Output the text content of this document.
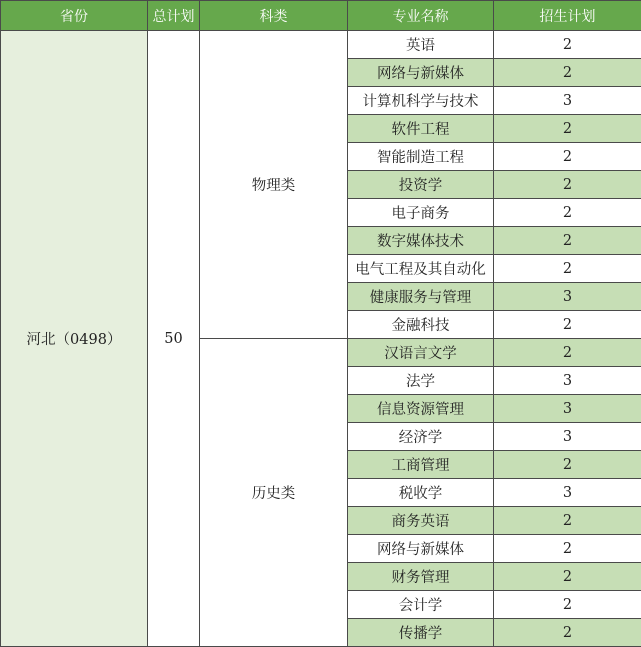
省份	总计划	科类	专业名称	招生计划
河北（0498）	50	物理类	英语	2
			网络与新媒体	2
			计算机科学与技术	3
			软件工程	2
			智能制造工程	2
			投资学	2
			电子商务	2
			数字媒体技术	2
			电气工程及其自动化	2
			健康服务与管理	3
			金融科技	2
		历史类	汉语言文学	2
			法学	3
			信息资源管理	3
			经济学	3
			工商管理	2
			税收学	3
			商务英语	2
			网络与新媒体	2
			财务管理	2
			会计学	2
			传播学	2
